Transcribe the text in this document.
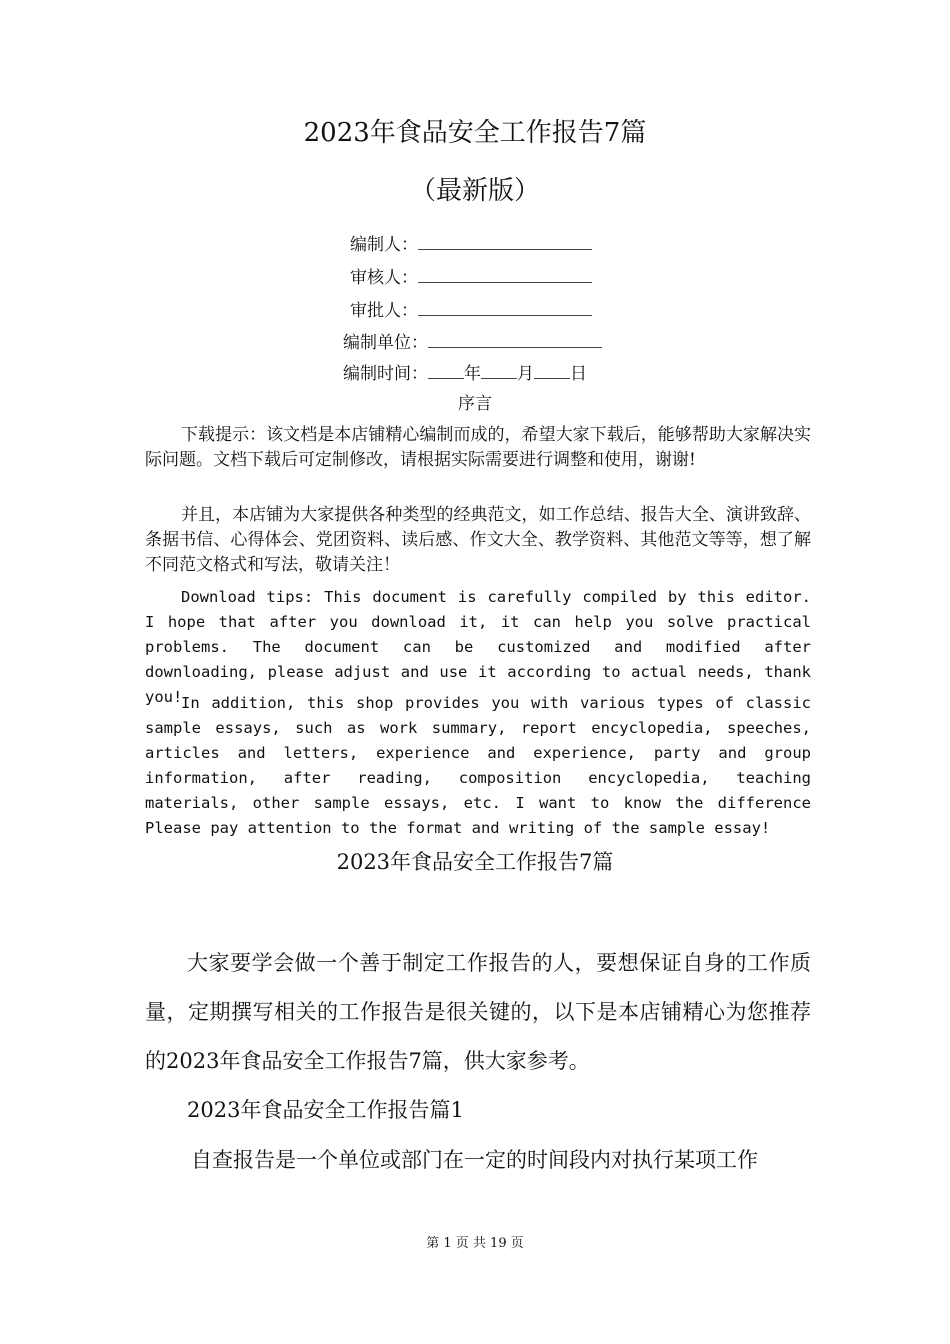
2023年食品安全工作报告7篇
（最新版）
编制人：
审核人：
审批人：
编制单位：
编制时间： 年 月 日
序言

下载提示：该文档是本店铺精心编制而成的，希望大家下载后，能够帮助大家解决实际问题。文档下载后可定制修改，请根据实际需要进行调整和使用，谢谢!

并且，本店铺为大家提供各种类型的经典范文，如工作总结、报告大全、演讲致辞、条据书信、心得体会、党团资料、读后感、作文大全、教学资料、其他范文等等，想了解不同范文格式和写法，敬请关注！

Download tips: This document is carefully compiled by this editor. I hope that after you download it, it can help you solve practical problems. The document can be customized and modified after downloading, please adjust and use it according to actual needs, thank you!

In addition, this shop provides you with various types of classic sample essays, such as work summary, report encyclopedia, speeches, articles and letters, experience and experience, party and group information, after reading, composition encyclopedia, teaching materials, other sample essays, etc. I want to know the difference Please pay attention to the format and writing of the sample essay!

2023年食品安全工作报告7篇

大家要学会做一个善于制定工作报告的人，要想保证自身的工作质量，定期撰写相关的工作报告是很关键的，以下是本店铺精心为您推荐的2023年食品安全工作报告7篇，供大家参考。

2023年食品安全工作报告篇1

自查报告是一个单位或部门在一定的时间段内对执行某项工作

第 1 页 共 19 页
